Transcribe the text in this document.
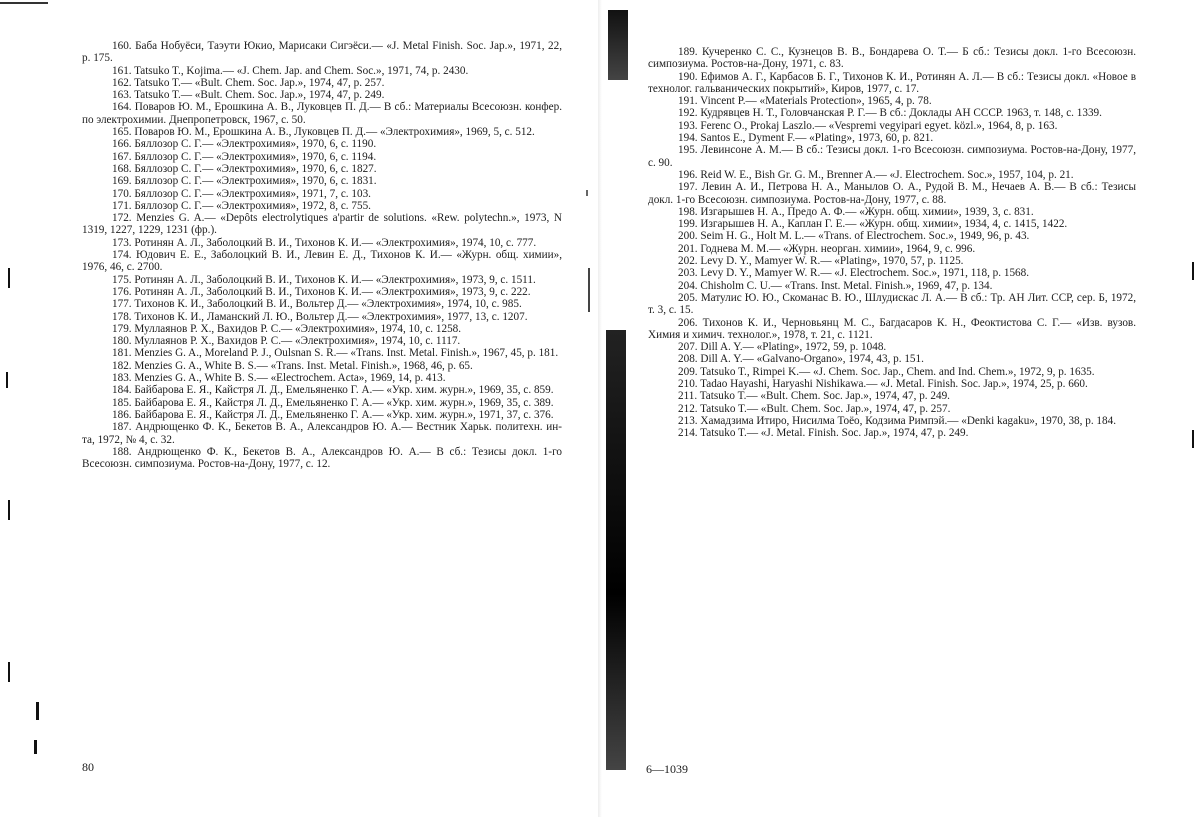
160. Баба Нобуёси, Таэути Юкио, Марисаки Сигэёси.— «J. Metal Finish. Soc. Jap.», 1971, 22, p. 175.

161. Tatsuko T., Kojima.— «J. Chem. Jap. and Chem. Soc.», 1971, 74, p. 2430.

162. Tatsuko T.— «Bult. Chem. Soc. Jap.», 1974, 47, p. 257.

163. Tatsuko T.— «Bult. Chem. Soc. Jap.», 1974, 47, p. 249.

164. Поваров Ю. М., Ерошкина А. В., Луковцев П. Д.— В сб.: Материалы Всесоюзн. конфер. по электрохимии. Днепропетровск, 1967, с. 50.

165. Поваров Ю. М., Ерошкина А. В., Луковцев П. Д.— «Электрохимия», 1969, 5, с. 512.

166. Бяллозор С. Г.— «Электрохимия», 1970, 6, с. 1190.

167. Бяллозор С. Г.— «Электрохимия», 1970, 6, с. 1194.

168. Бяллозор С. Г.— «Электрохимия», 1970, 6, с. 1827.

169. Бяллозор С. Г.— «Электрохимия», 1970, 6, с. 1831.

170. Бяллозор С. Г.— «Электрохимия», 1971, 7, с. 103.

171. Бяллозор С. Г.— «Электрохимия», 1972, 8, с. 755.

172. Menzies G. A.— «Depôts electrolytiques a'partir de solutions. «Rew. polytechn.», 1973, N 1319, 1227, 1229, 1231 (фр.).

173. Ротинян А. Л., Заболоцкий В. И., Тихонов К. И.— «Электрохимия», 1974, 10, с. 777.

174. Юдович Е. Е., Заболоцкий В. И., Левин Е. Д., Тихонов К. И.— «Журн. общ. химии», 1976, 46, с. 2700.

175. Ротинян А. Л., Заболоцкий В. И., Тихонов К. И.— «Электрохимия», 1973, 9, с. 1511.

176. Ротинян А. Л., Заболоцкий В. И., Тихонов К. И.— «Электрохимия», 1973, 9, с. 222.

177. Тихонов К. И., Заболоцкий В. И., Вольтер Д.— «Электрохимия», 1974, 10, с. 985.

178. Тихонов К. И., Ламанский Л. Ю., Вольтер Д.— «Электрохимия», 1977, 13, с. 1207.

179. Муллаянов Р. Х., Вахидов Р. С.— «Электрохимия», 1974, 10, с. 1258.

180. Муллаянов Р. Х., Вахидов Р. С.— «Электрохимия», 1974, 10, с. 1117.

181. Menzies G. A., Moreland P. J., Oulsnan S. R.— «Trans. Inst. Metal. Finish.», 1967, 45, p. 181.

182. Menzies G. A., White B. S.— «Trans. Inst. Metal. Finish.», 1968, 46, p. 65.

183. Menzies G. A., White B. S.— «Electrochem. Acta», 1969, 14, p. 413.

184. Байбарова Е. Я., Кайстря Л. Д., Емельяненко Г. А.— «Укр. хим. журн.», 1969, 35, с. 859.

185. Байбарова Е. Я., Кайстря Л. Д., Емельяненко Г. А.— «Укр. хим. журн.», 1969, 35, с. 389.

186. Байбарова Е. Я., Кайстря Л. Д., Емельяненко Г. А.— «Укр. хим. журн.», 1971, 37, с. 376.

187. Андрющенко Ф. К., Бекетов В. А., Александров Ю. А.— Вестник Харьк. политехн. ин-та, 1972, № 4, с. 32.

188. Андрющенко Ф. К., Бекетов В. А., Александров Ю. А.— В сб.: Тезисы докл. 1-го Всесоюзн. симпозиума. Ростов-на-Дону, 1977, с. 12.

80

189. Кучеренко С. С., Кузнецов В. В., Бондарева О. Т.— Б сб.: Тезисы докл. 1-го Всесоюзн. симпозиума. Ростов-на-Дону, 1971, с. 83.

190. Ефимов А. Г., Карбасов Б. Г., Тихонов К. И., Ротинян А. Л.— В сб.: Тезисы докл. «Новое в технолог. гальванических покрытий», Киров, 1977, с. 17.

191. Vincent P.— «Materials Protection», 1965, 4, p. 78.

192. Кудрявцев Н. Т., Головчанская Р. Г.— В сб.: Доклады АН СССР. 1963, т. 148, с. 1339.

193. Ferenc O., Prokaj Laszlo.— «Vespremi vegyipari egyet. közl.», 1964, 8, p. 163.

194. Santos E., Dyment F.— «Plating», 1973, 60, p. 821.

195. Левинсоне А. М.— В сб.: Тезисы докл. 1-го Всесоюзн. симпозиума. Ростов-на-Дону, 1977, с. 90.

196. Reid W. E., Bish Gr. G. M., Brenner A.— «J. Electrochem. Soc.», 1957, 104, p. 21.

197. Левин А. И., Петрова Н. А., Манылов О. А., Рудой В. М., Нечаев А. В.— В сб.: Тезисы докл. 1-го Всесоюзн. симпозиума. Ростов-на-Дону, 1977, с. 88.

198. Изгарышев Н. А., Предо А. Ф.— «Журн. общ. химии», 1939, 3, с. 831.

199. Изгарышев Н. А., Каплан Г. Е.— «Журн. общ. химии», 1934, 4, с. 1415, 1422.

200. Seim H. G., Holt M. L.— «Trans. of Electrochem. Soc.», 1949, 96, p. 43.

201. Годнева М. М.— «Журн. неорган. химии», 1964, 9, с. 996.

202. Levy D. Y., Mamyer W. R.— «Plating», 1970, 57, p. 1125.

203. Levy D. Y., Mamyer W. R.— «J. Electrochem. Soc.», 1971, 118, p. 1568.

204. Chisholm C. U.— «Trans. Inst. Metal. Finish.», 1969, 47, p. 134.

205. Матулис Ю. Ю., Скоманас В. Ю., Шлудискас Л. А.— В сб.: Тр. АН Лит. ССР, сер. Б, 1972, т. 3, с. 15.

206. Тихонов К. И., Черновьянц М. С., Багдасаров К. Н., Феоктистова С. Г.— «Изв. вузов. Химия и химич. технолог.», 1978, т. 21, с. 1121.

207. Dill A. Y.— «Plating», 1972, 59, p. 1048.

208. Dill A. Y.— «Galvano-Organo», 1974, 43, p. 151.

209. Tatsuko T., Rimpei K.— «J. Chem. Soc. Jap., Chem. and Ind. Chem.», 1972, 9, p. 1635.

210. Tadao Hayashi, Haryashi Nishikawa.— «J. Metal. Finish. Soc. Jap.», 1974, 25, p. 660.

211. Tatsuko T.— «Bult. Chem. Soc. Jap.», 1974, 47, p. 249.

212. Tatsuko T.— «Bult. Chem. Soc. Jap.», 1974, 47, p. 257.

213. Хамадзима Итиро, Нисилма Тоёо, Кодзима Римпэй.— «Denki kagaku», 1970, 38, p. 184.

214. Tatsuko T.— «J. Metal. Finish. Soc. Jap.», 1974, 47, p. 249.

6—1039
